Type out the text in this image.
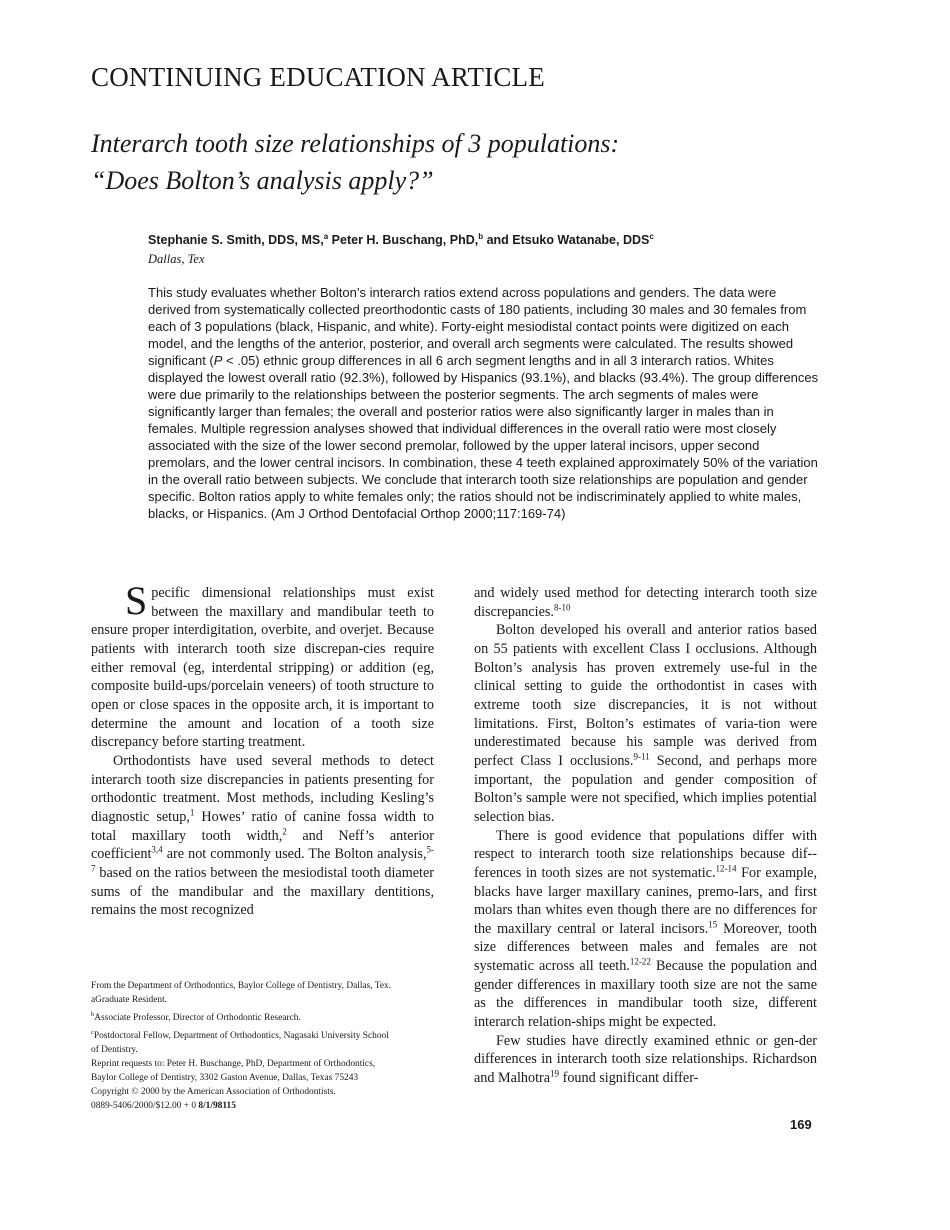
CONTINUING EDUCATION ARTICLE
Interarch tooth size relationships of 3 populations:
“Does Bolton’s analysis apply?”
Stephanie S. Smith, DDS, MS,$^a$ Peter H. Buschang, PhD,$^b$ and Etsuko Watanabe, DDS$^c$
Dallas, Tex
This study evaluates whether Bolton’s interarch ratios extend across populations and genders. The data were derived from systematically collected preorthodontic casts of 180 patients, including 30 males and 30 females from each of 3 populations (black, Hispanic, and white). Forty-eight mesiodistal contact points were digitized on each model, and the lengths of the anterior, posterior, and overall arch segments were calculated. The results showed significant (P < .05) ethnic group differences in all 6 arch segment lengths and in all 3 interarch ratios. Whites displayed the lowest overall ratio (92.3%), followed by Hispanics (93.1%), and blacks (93.4%). The group differences were due primarily to the relationships between the posterior segments. The arch segments of males were significantly larger than females; the overall and posterior ratios were also significantly larger in males than in females. Multiple regression analyses showed that individual differences in the overall ratio were most closely associated with the size of the lower second premolar, followed by the upper lateral incisors, upper second premolars, and the lower central incisors. In combination, these 4 teeth explained approximately 50% of the variation in the overall ratio between subjects. We conclude that interarch tooth size relationships are population and gender specific. Bolton ratios apply to white females only; the ratios should not be indiscriminately applied to white males, blacks, or Hispanics. (Am J Orthod Dentofacial Orthop 2000;117:169-74)

Specific dimensional relationships must exist between the maxillary and mandibular teeth to ensure proper interdigitation, overbite, and overjet. Because patients with interarch tooth size discrepan-cies require either removal (eg, interdental stripping) or addition (eg, composite build-ups/porcelain veneers) of tooth structure to open or close spaces in the opposite arch, it is important to determine the amount and location of a tooth size discrepancy before starting treatment.

Orthodontists have used several methods to detect interarch tooth size discrepancies in patients presenting for orthodontic treatment. Most methods, including Kesling’s diagnostic setup,$^1$ Howes’ ratio of canine fossa width to total maxillary tooth width,$^2$ and Neff’s anterior coefficient$^{3,4}$ are not commonly used. The Bolton analysis,$^{5-7}$ based on the ratios between the mesiodistal tooth diameter sums of the mandibular and the maxillary dentitions, remains the most recognized

From the Department of Orthodontics, Baylor College of Dentistry, Dallas, Tex.
aGraduate Resident.
$^b$Associate Professor, Director of Orthodontic Research.
$^c$Postdoctoral Fellow, Department of Orthodontics, Nagasaki University School
of Dentistry.
Reprint requests to: Peter H. Buschange, PhD, Department of Orthodontics,
Baylor College of Dentistry, 3302 Gaston Avenue, Dallas, Texas 75243
Copyright © 2000 by the American Association of Orthodontists.
0889-5406/2000/$12.00 + 0 8/1/98115

and widely used method for detecting interarch tooth size discrepancies.$^{8-10}$

Bolton developed his overall and anterior ratios based on 55 patients with excellent Class I occlusions. Although Bolton’s analysis has proven extremely use-ful in the clinical setting to guide the orthodontist in cases with extreme tooth size discrepancies, it is not without limitations. First, Bolton’s estimates of varia-tion were underestimated because his sample was derived from perfect Class I occlusions.$^{9-11}$ Second, and perhaps more important, the population and gender composition of Bolton’s sample were not specified, which implies potential selection bias.

There is good evidence that populations differ with respect to interarch tooth size relationships because dif-ferences in tooth sizes are not systematic.$^{12-14}$ For example, blacks have larger maxillary canines, premo-lars, and first molars than whites even though there are no differences for the maxillary central or lateral incisors.$^{15}$ Moreover, tooth size differences between males and females are not systematic across all teeth.$^{12-22}$ Because the population and gender differences in maxillary tooth size are not the same as the differences in mandibular tooth size, different interarch relation-ships might be expected.

Few studies have directly examined ethnic or gen-der differences in interarch tooth size relationships. Richardson and Malhotra$^{19}$ found significant differ-

169
